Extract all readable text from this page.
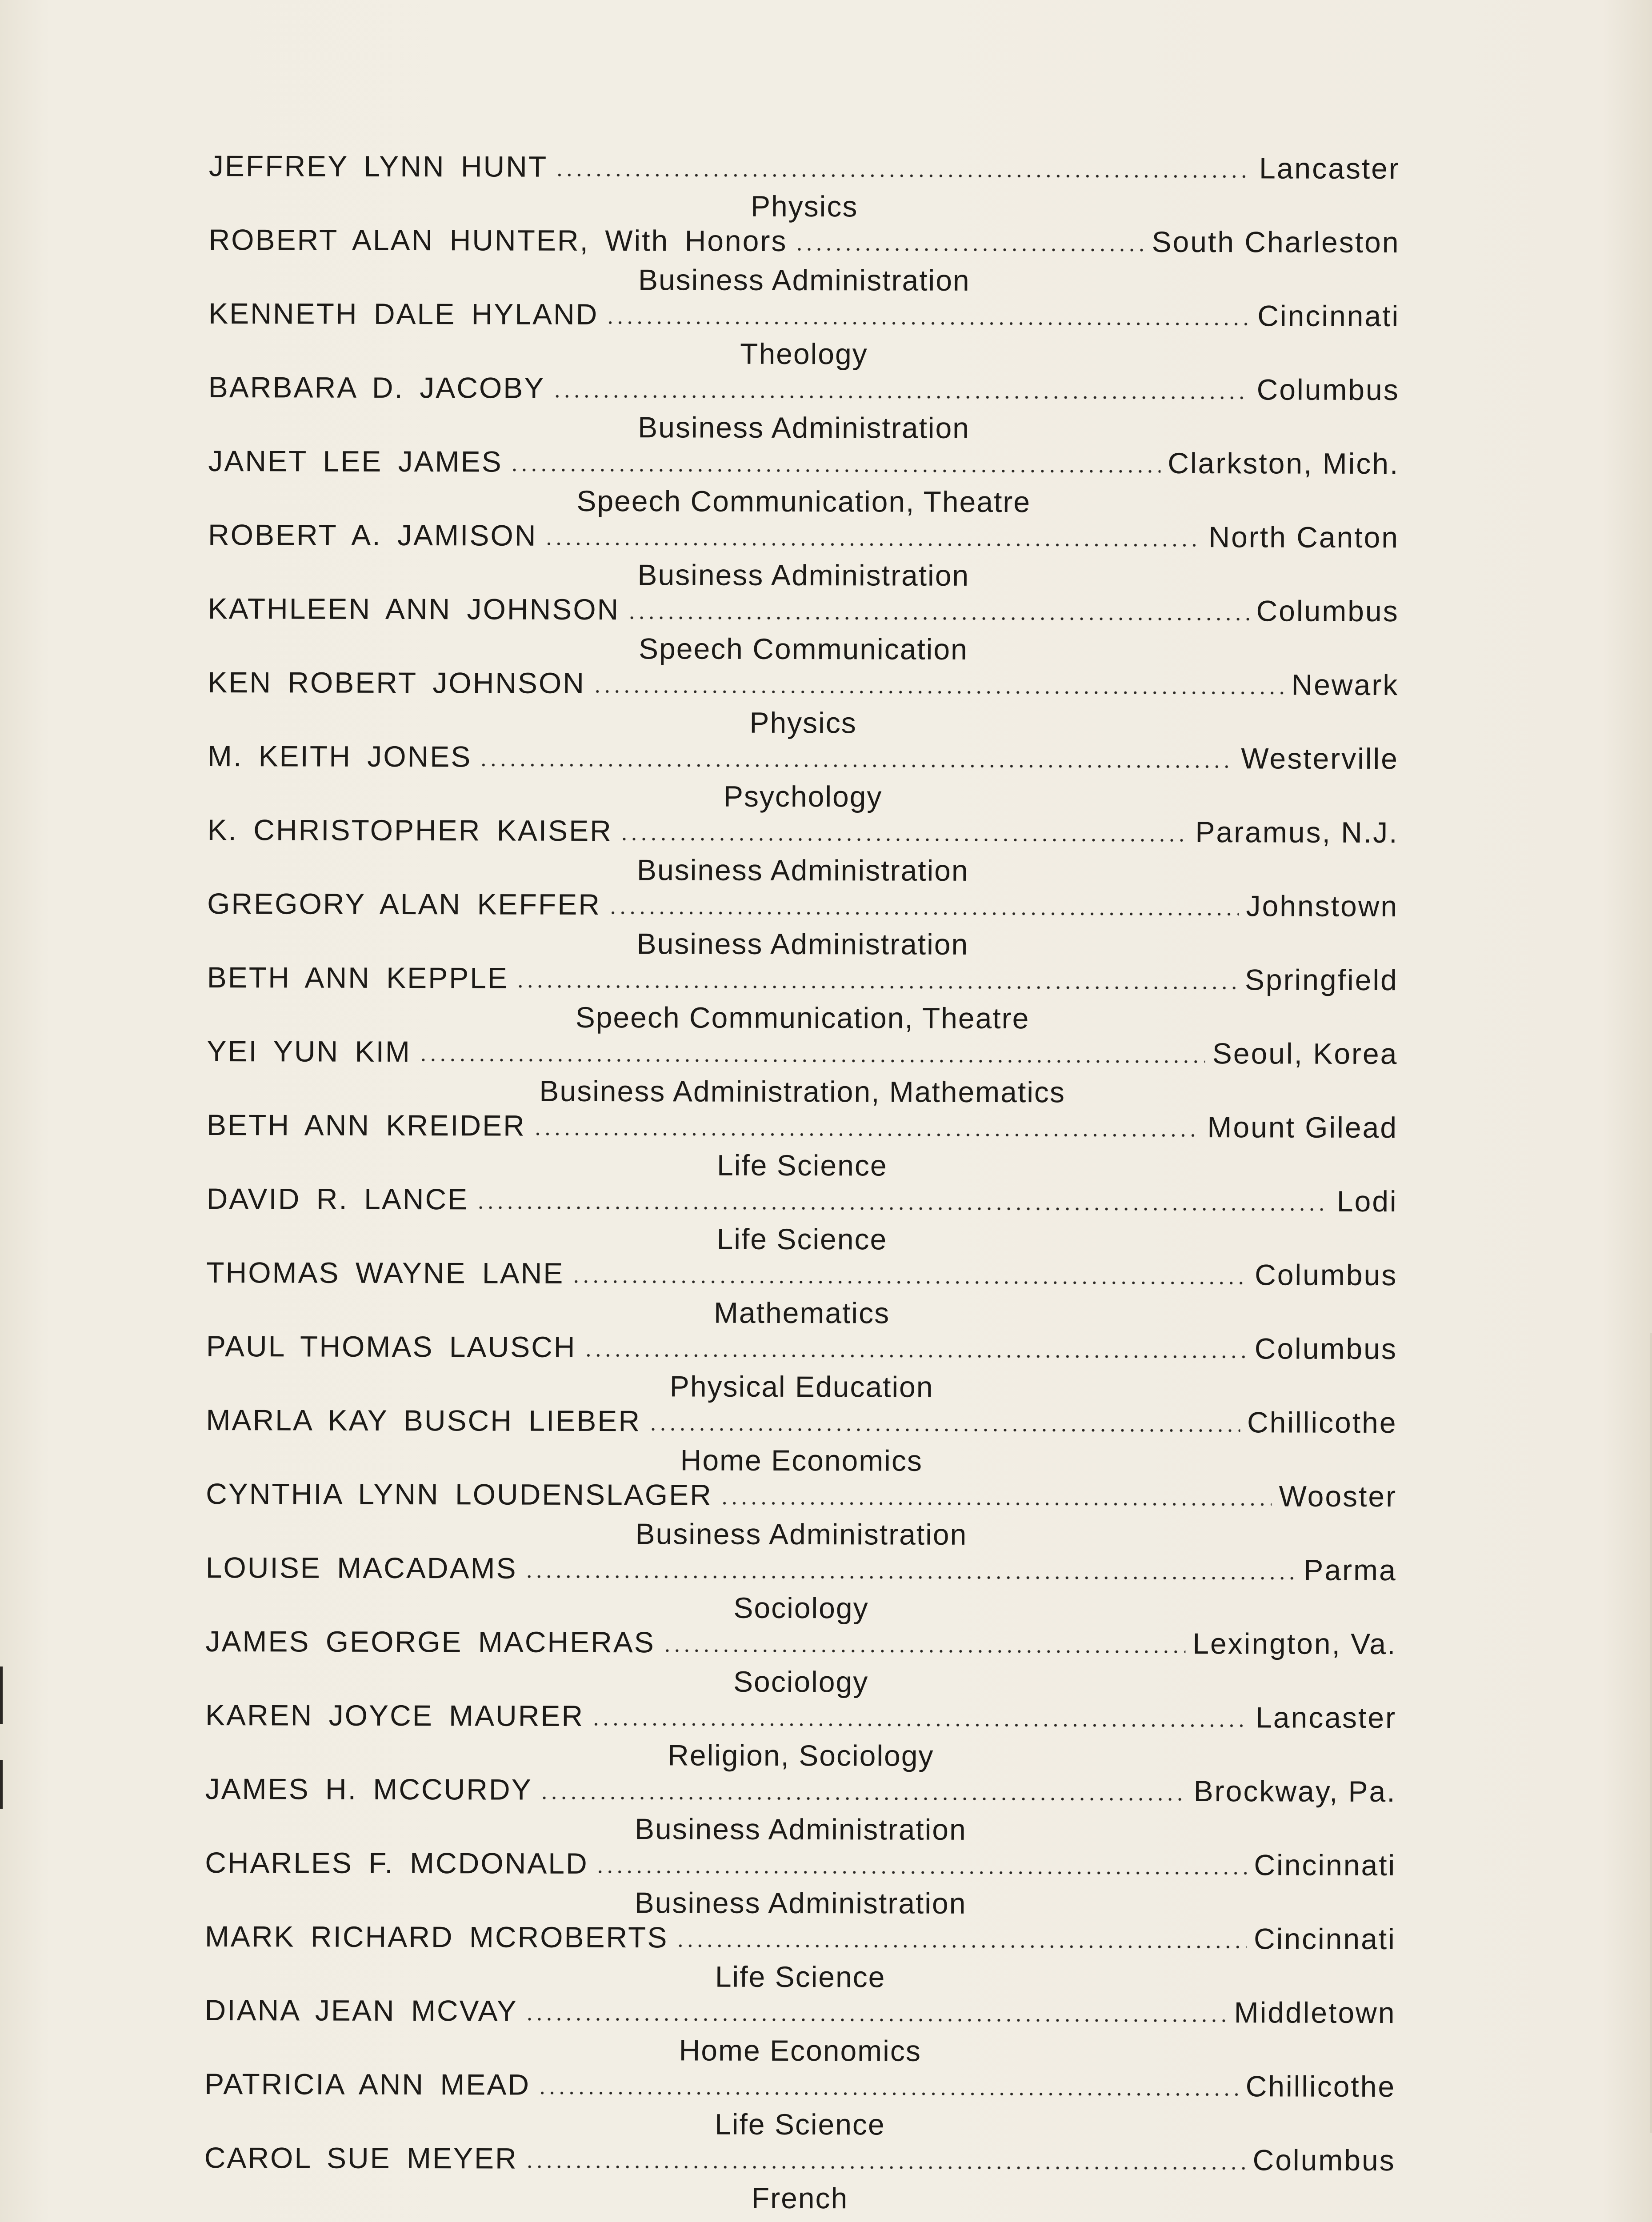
JEFFREY LYNN HUNT	Lancaster
Physics
ROBERT ALAN HUNTER, With Honors	South Charleston
Business Administration
KENNETH DALE HYLAND	Cincinnati
Theology
BARBARA D. JACOBY	Columbus
Business Administration
JANET LEE JAMES	Clarkston, Mich.
Speech Communication, Theatre
ROBERT A. JAMISON	North Canton
Business Administration
KATHLEEN ANN JOHNSON	Columbus
Speech Communication
KEN ROBERT JOHNSON	Newark
Physics
M. KEITH JONES	Westerville
Psychology
K. CHRISTOPHER KAISER	Paramus, N.J.
Business Administration
GREGORY ALAN KEFFER	Johnstown
Business Administration
BETH ANN KEPPLE	Springfield
Speech Communication, Theatre
YEI YUN KIM	Seoul, Korea
Business Administration, Mathematics
BETH ANN KREIDER	Mount Gilead
Life Science
DAVID R. LANCE	Lodi
Life Science
THOMAS WAYNE LANE	Columbus
Mathematics
PAUL THOMAS LAUSCH	Columbus
Physical Education
MARLA KAY BUSCH LIEBER	Chillicothe
Home Economics
CYNTHIA LYNN LOUDENSLAGER	Wooster
Business Administration
LOUISE MACADAMS	Parma
Sociology
JAMES GEORGE MACHERAS	Lexington, Va.
Sociology
KAREN JOYCE MAURER	Lancaster
Religion, Sociology
JAMES H. MCCURDY	Brockway, Pa.
Business Administration
CHARLES F. MCDONALD	Cincinnati
Business Administration
MARK RICHARD MCROBERTS	Cincinnati
Life Science
DIANA JEAN MCVAY	Middletown
Home Economics
PATRICIA ANN MEAD	Chillicothe
Life Science
CAROL SUE MEYER	Columbus
French
